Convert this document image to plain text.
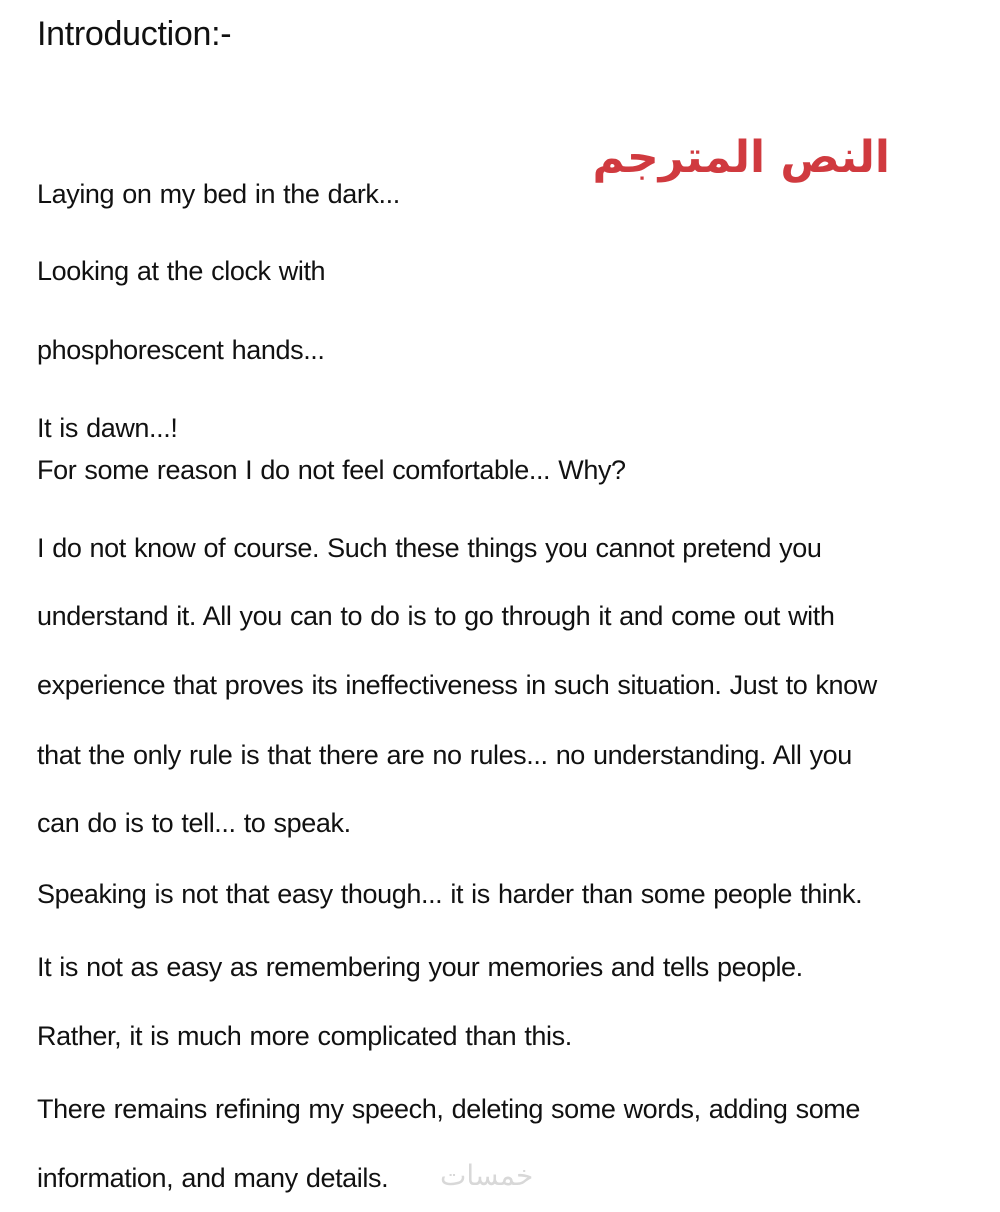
Introduction:-
النص المترجم
Laying on my bed in the dark...
Looking at the clock with
phosphorescent hands...
It is dawn...!
For some reason I do not feel comfortable... Why?
I do not know of course. Such these things you cannot pretend you
understand it. All you can to do is to go through it and come out with
experience that proves its ineffectiveness in such situation. Just to know
that the only rule is that there are no rules... no understanding. All you
can do is to tell... to speak.
Speaking is not that easy though... it is harder than some people think.
It is not as easy as remembering your memories and tells people.
Rather, it is much more complicated than this.
There remains refining my speech, deleting some words, adding some
information, and many details. خمسات
